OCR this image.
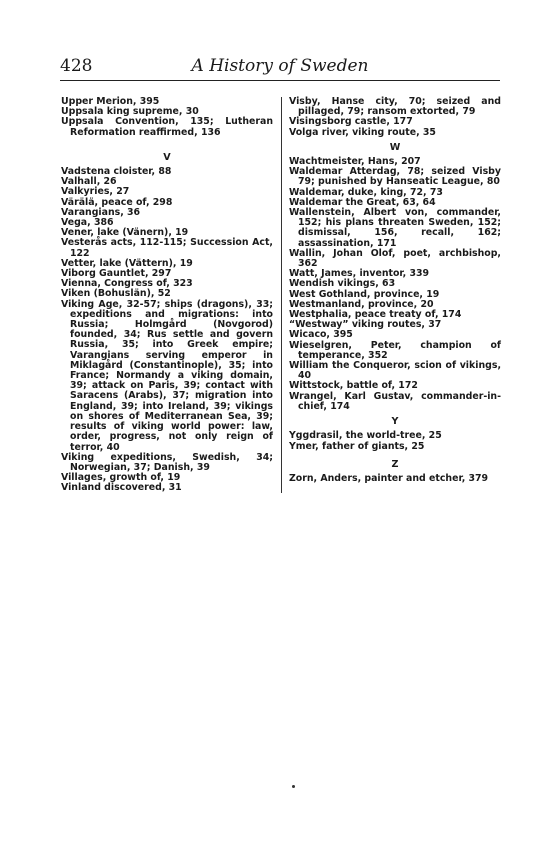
428	A History of Sweden

Upper Merion, 395

Uppsala king supreme, 30

Uppsala Convention, 135; Lutheran Reformation reaffirmed, 136

V

Vadstena cloister, 88

Valhall, 26

Valkyries, 27

Värälä, peace of, 298

Varangians, 36

Vega, 386

Vener, lake (Vänern), 19

Vesterås acts, 112-115; Succession Act, 122

Vetter, lake (Vättern), 19

Viborg Gauntlet, 297

Vienna, Congress of, 323

Viken (Bohuslän), 52

Viking Age, 32-57; ships (dragons), 33; expeditions and migrations: into Russia; Holmgård (Novgorod) founded, 34; Rus settle and govern Russia, 35; into Greek empire; Varangians serving emperor in Miklagård (Constantinople), 35; into France; Normandy a viking domain, 39; attack on Paris, 39; contact with Saracens (Arabs), 37; migration into England, 39; into Ireland, 39; vikings on shores of Mediterranean Sea, 39; results of viking world power: law, order, progress, not only reign of terror, 40

Viking expeditions, Swedish, 34; Norwegian, 37; Danish, 39

Villages, growth of, 19

Vinland discovered, 31

Visby, Hanse city, 70; seized and pillaged, 79; ransom extorted, 79

Visingsborg castle, 177

Volga river, viking route, 35

W

Wachtmeister, Hans, 207

Waldemar Atterdag, 78; seized Visby 79; punished by Hanseatic League, 80

Waldemar, duke, king, 72, 73

Waldemar the Great, 63, 64

Wallenstein, Albert von, commander, 152; his plans threaten Sweden, 152; dismissal, 156, recall, 162; assassination, 171

Wallin, Johan Olof, poet, archbishop, 362

Watt, James, inventor, 339

Wendish vikings, 63

West Gothland, province, 19

Westmanland, province, 20

Westphalia, peace treaty of, 174

“Westway” viking routes, 37

Wicaco, 395

Wieselgren, Peter, champion of temperance, 352

William the Conqueror, scion of vikings, 40

Wittstock, battle of, 172

Wrangel, Karl Gustav, commander-in-chief, 174

Y

Yggdrasil, the world-tree, 25

Ymer, father of giants, 25

Z

Zorn, Anders, painter and etcher, 379
